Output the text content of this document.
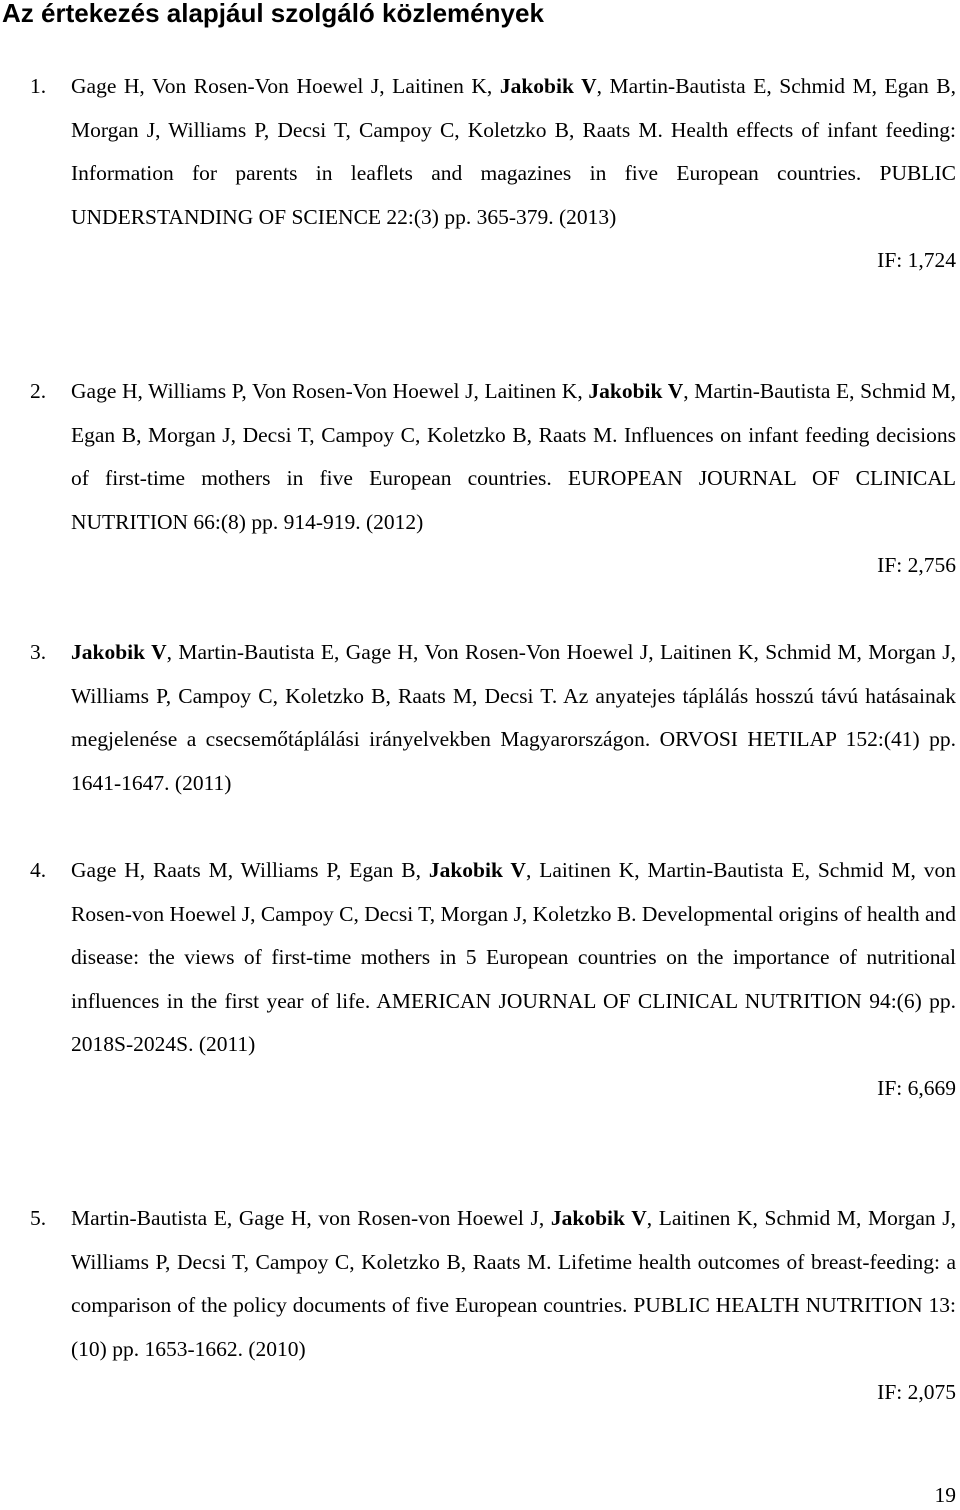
Az értekezés alapjául szolgáló közlemények
1. Gage H, Von Rosen-Von Hoewel J, Laitinen K, Jakobik V, Martin-Bautista E, Schmid M, Egan B, Morgan J, Williams P, Decsi T, Campoy C, Koletzko B, Raats M. Health effects of infant feeding: Information for parents in leaflets and magazines in five European countries. PUBLIC UNDERSTANDING OF SCIENCE 22:(3) pp. 365-379. (2013)
IF: 1,724
2. Gage H, Williams P, Von Rosen-Von Hoewel J, Laitinen K, Jakobik V, Martin-Bautista E, Schmid M, Egan B, Morgan J, Decsi T, Campoy C, Koletzko B, Raats M. Influences on infant feeding decisions of first-time mothers in five European countries. EUROPEAN JOURNAL OF CLINICAL NUTRITION 66:(8) pp. 914-919. (2012)
IF: 2,756
3. Jakobik V, Martin-Bautista E, Gage H, Von Rosen-Von Hoewel J, Laitinen K, Schmid M, Morgan J, Williams P, Campoy C, Koletzko B, Raats M, Decsi T. Az anyatejes táplálás hosszú távú hatásainak megjelenése a csecsemőtáplálási irányelvekben Magyarországon. ORVOSI HETILAP 152:(41) pp. 1641-1647. (2011)
4. Gage H, Raats M, Williams P, Egan B, Jakobik V, Laitinen K, Martin-Bautista E, Schmid M, von Rosen-von Hoewel J, Campoy C, Decsi T, Morgan J, Koletzko B. Developmental origins of health and disease: the views of first-time mothers in 5 European countries on the importance of nutritional influences in the first year of life. AMERICAN JOURNAL OF CLINICAL NUTRITION 94:(6) pp. 2018S-2024S. (2011)
IF: 6,669
5. Martin-Bautista E, Gage H, von Rosen-von Hoewel J, Jakobik V, Laitinen K, Schmid M, Morgan J, Williams P, Decsi T, Campoy C, Koletzko B, Raats M. Lifetime health outcomes of breast-feeding: a comparison of the policy documents of five European countries. PUBLIC HEALTH NUTRITION 13:(10) pp. 1653-1662. (2010)
IF: 2,075
19
